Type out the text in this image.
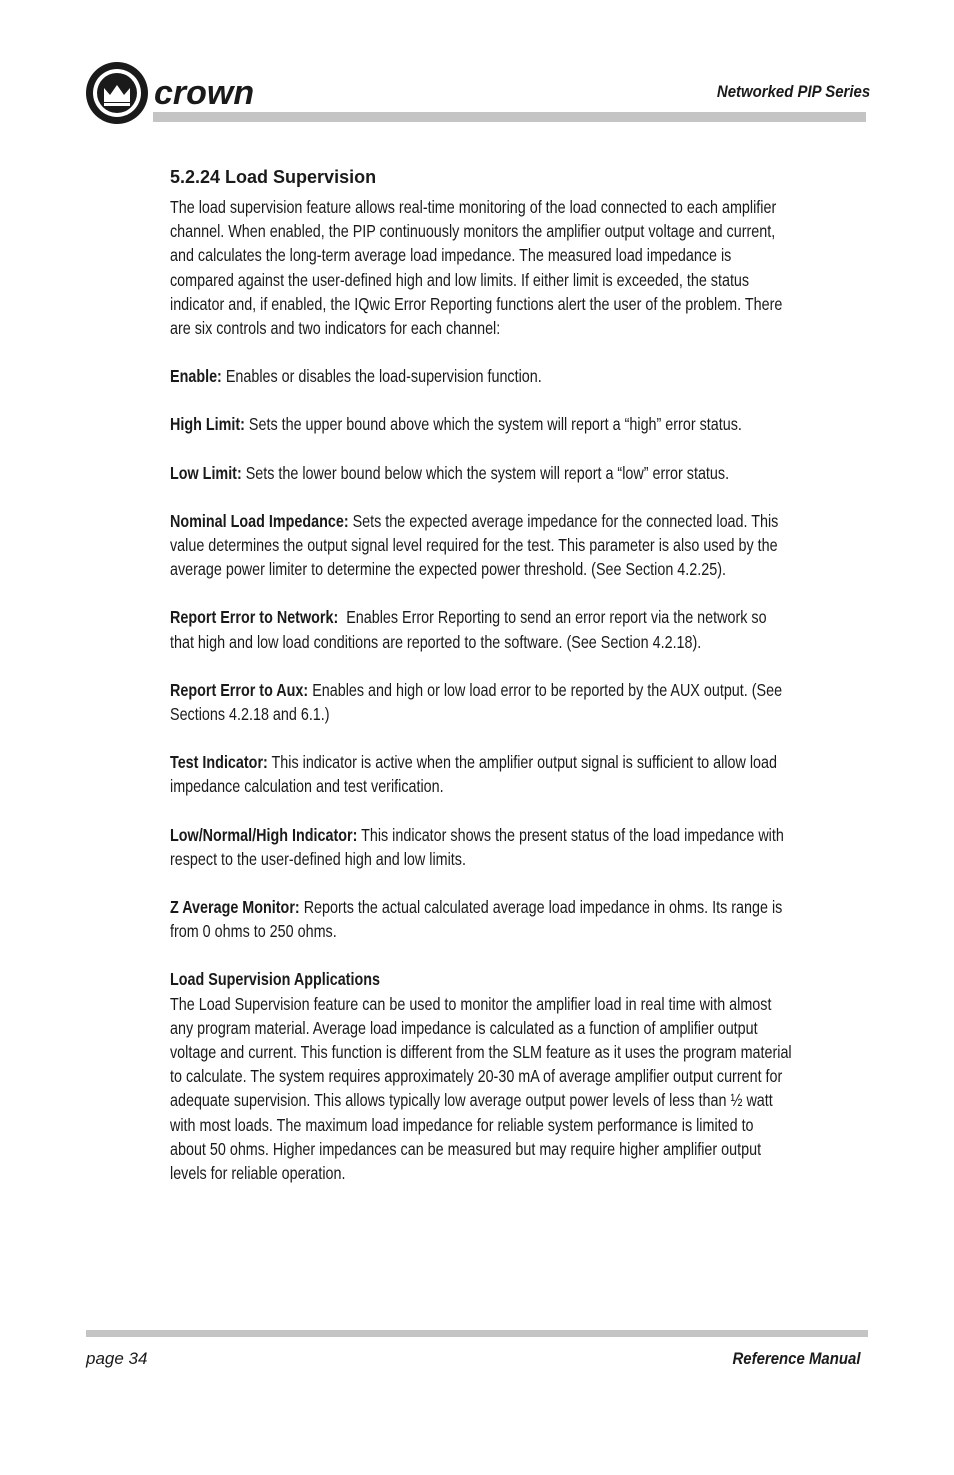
crown	Networked PIP Series
5.2.24 Load Supervision

The load supervision feature allows real-time monitoring of the load connected to each amplifier channel. When enabled, the PIP continuously monitors the amplifier output voltage and current, and calculates the long-term average load impedance. The measured load impedance is compared against the user-defined high and low limits. If either limit is exceeded, the status indicator and, if enabled, the IQwic Error Reporting functions alert the user of the problem. There are six controls and two indicators for each channel:

Enable: Enables or disables the load-supervision function.

High Limit: Sets the upper bound above which the system will report a “high” error status.

Low Limit: Sets the lower bound below which the system will report a “low” error status.

Nominal Load Impedance: Sets the expected average impedance for the connected load. This value determines the output signal level required for the test. This parameter is also used by the average power limiter to determine the expected power threshold. (See Section 4.2.25).

Report Error to Network: Enables Error Reporting to send an error report via the network so that high and low load conditions are reported to the software. (See Section 4.2.18).

Report Error to Aux: Enables and high or low load error to be reported by the AUX output. (See Sections 4.2.18 and 6.1.)

Test Indicator: This indicator is active when the amplifier output signal is sufficient to allow load impedance calculation and test verification.

Low/Normal/High Indicator: This indicator shows the present status of the load impedance with respect to the user-defined high and low limits.

Z Average Monitor: Reports the actual calculated average load impedance in ohms. Its range is from 0 ohms to 250 ohms.

Load Supervision Applications

The Load Supervision feature can be used to monitor the amplifier load in real time with almost any program material. Average load impedance is calculated as a function of amplifier output voltage and current. This function is different from the SLM feature as it uses the program material to calculate. The system requires approximately 20-30 mA of average amplifier output current for adequate supervision. This allows typically low average output power levels of less than ½ watt with most loads. The maximum load impedance for reliable system performance is limited to about 50 ohms. Higher impedances can be measured but may require higher amplifier output levels for reliable operation.

page 34	Reference Manual
